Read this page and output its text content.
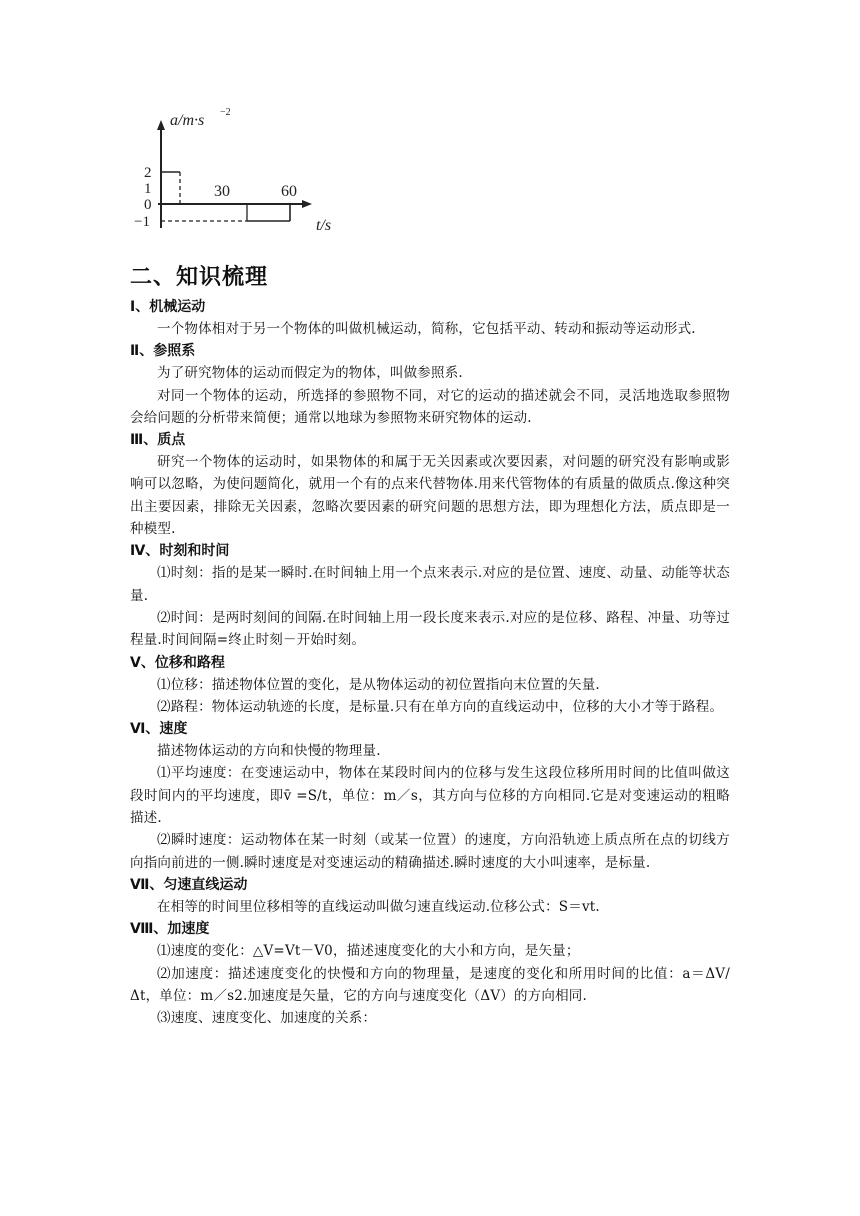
a/m·s −2
2
1
0
−1
30	60
t/s
二、知识梳理

Ⅰ、机械运动

一个物体相对于另一个物体的叫做机械运动，简称，它包括平动、转动和振动等运动形式.

Ⅱ、参照系

为了研究物体的运动而假定为的物体，叫做参照系.

对同一个物体的运动，所选择的参照物不同，对它的运动的描述就会不同，灵活地选取参照物会给问题的分析带来简便；通常以地球为参照物来研究物体的运动.

Ⅲ、质点

研究一个物体的运动时，如果物体的和属于无关因素或次要因素，对问题的研究没有影响或影响可以忽略，为使问题简化，就用一个有的点来代替物体.用来代管物体的有质量的做质点.像这种突出主要因素，排除无关因素，忽略次要因素的研究问题的思想方法，即为理想化方法，质点即是一种模型.

Ⅳ、时刻和时间

⑴时刻：指的是某一瞬时.在时间轴上用一个点来表示.对应的是位置、速度、动量、动能等状态量.

⑵时间：是两时刻间的间隔.在时间轴上用一段长度来表示.对应的是位移、路程、冲量、功等过程量.时间间隔=终止时刻－开始时刻。

Ⅴ、位移和路程

⑴位移：描述物体位置的变化，是从物体运动的初位置指向末位置的矢量.

⑵路程：物体运动轨迹的长度，是标量.只有在单方向的直线运动中，位移的大小才等于路程。

Ⅵ、速度

描述物体运动的方向和快慢的物理量.

⑴平均速度：在变速运动中，物体在某段时间内的位移与发生这段位移所用时间的比值叫做这段时间内的平均速度，即v̄ =S/t，单位：m／s，其方向与位移的方向相同.它是对变速运动的粗略描述.

⑵瞬时速度：运动物体在某一时刻（或某一位置）的速度，方向沿轨迹上质点所在点的切线方向指向前进的一侧.瞬时速度是对变速运动的精确描述.瞬时速度的大小叫速率，是标量.

Ⅶ、匀速直线运动

在相等的时间里位移相等的直线运动叫做匀速直线运动.位移公式：S＝vt.

Ⅷ、加速度

⑴速度的变化：△V=Vt－V0，描述速度变化的大小和方向，是矢量；

⑵加速度：描述速度变化的快慢和方向的物理量，是速度的变化和所用时间的比值：a＝ΔV/Δt，单位：m／s2.加速度是矢量，它的方向与速度变化（ΔV）的方向相同.

⑶速度、速度变化、加速度的关系：
